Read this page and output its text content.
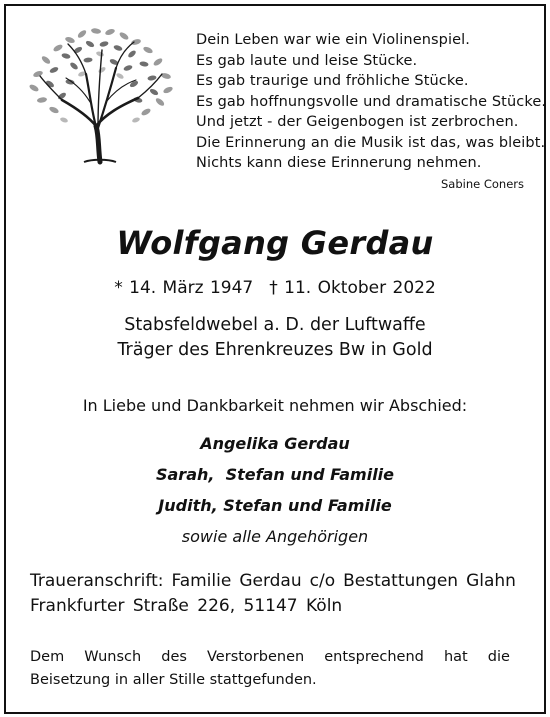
Dein Leben war wie ein Violinenspiel.
Es gab laute und leise Stücke.
Es gab traurige und fröhliche Stücke.
Es gab hoffnungsvolle und dramatische Stücke.
Und jetzt - der Geigenbogen ist zerbrochen.
Die Erinnerung an die Musik ist das, was bleibt.
Nichts kann diese Erinnerung nehmen.
Sabine Coners
Wolfgang Gerdau
* 14. März 1947 † 11. Oktober 2022
Stabsfeldwebel a. D. der Luftwaffe
Träger des Ehrenkreuzes Bw in Gold
In Liebe und Dankbarkeit nehmen wir Abschied:
Angelika Gerdau
Sarah,  Stefan und Familie
Judith, Stefan und Familie
sowie alle Angehörigen
Traueranschrift: Familie Gerdau c/o Bestattungen Glahn
Frankfurter Straße 226, 51147 Köln
Dem Wunsch des Verstorbenen entsprechend hat die
Beisetzung in aller Stille stattgefunden.
